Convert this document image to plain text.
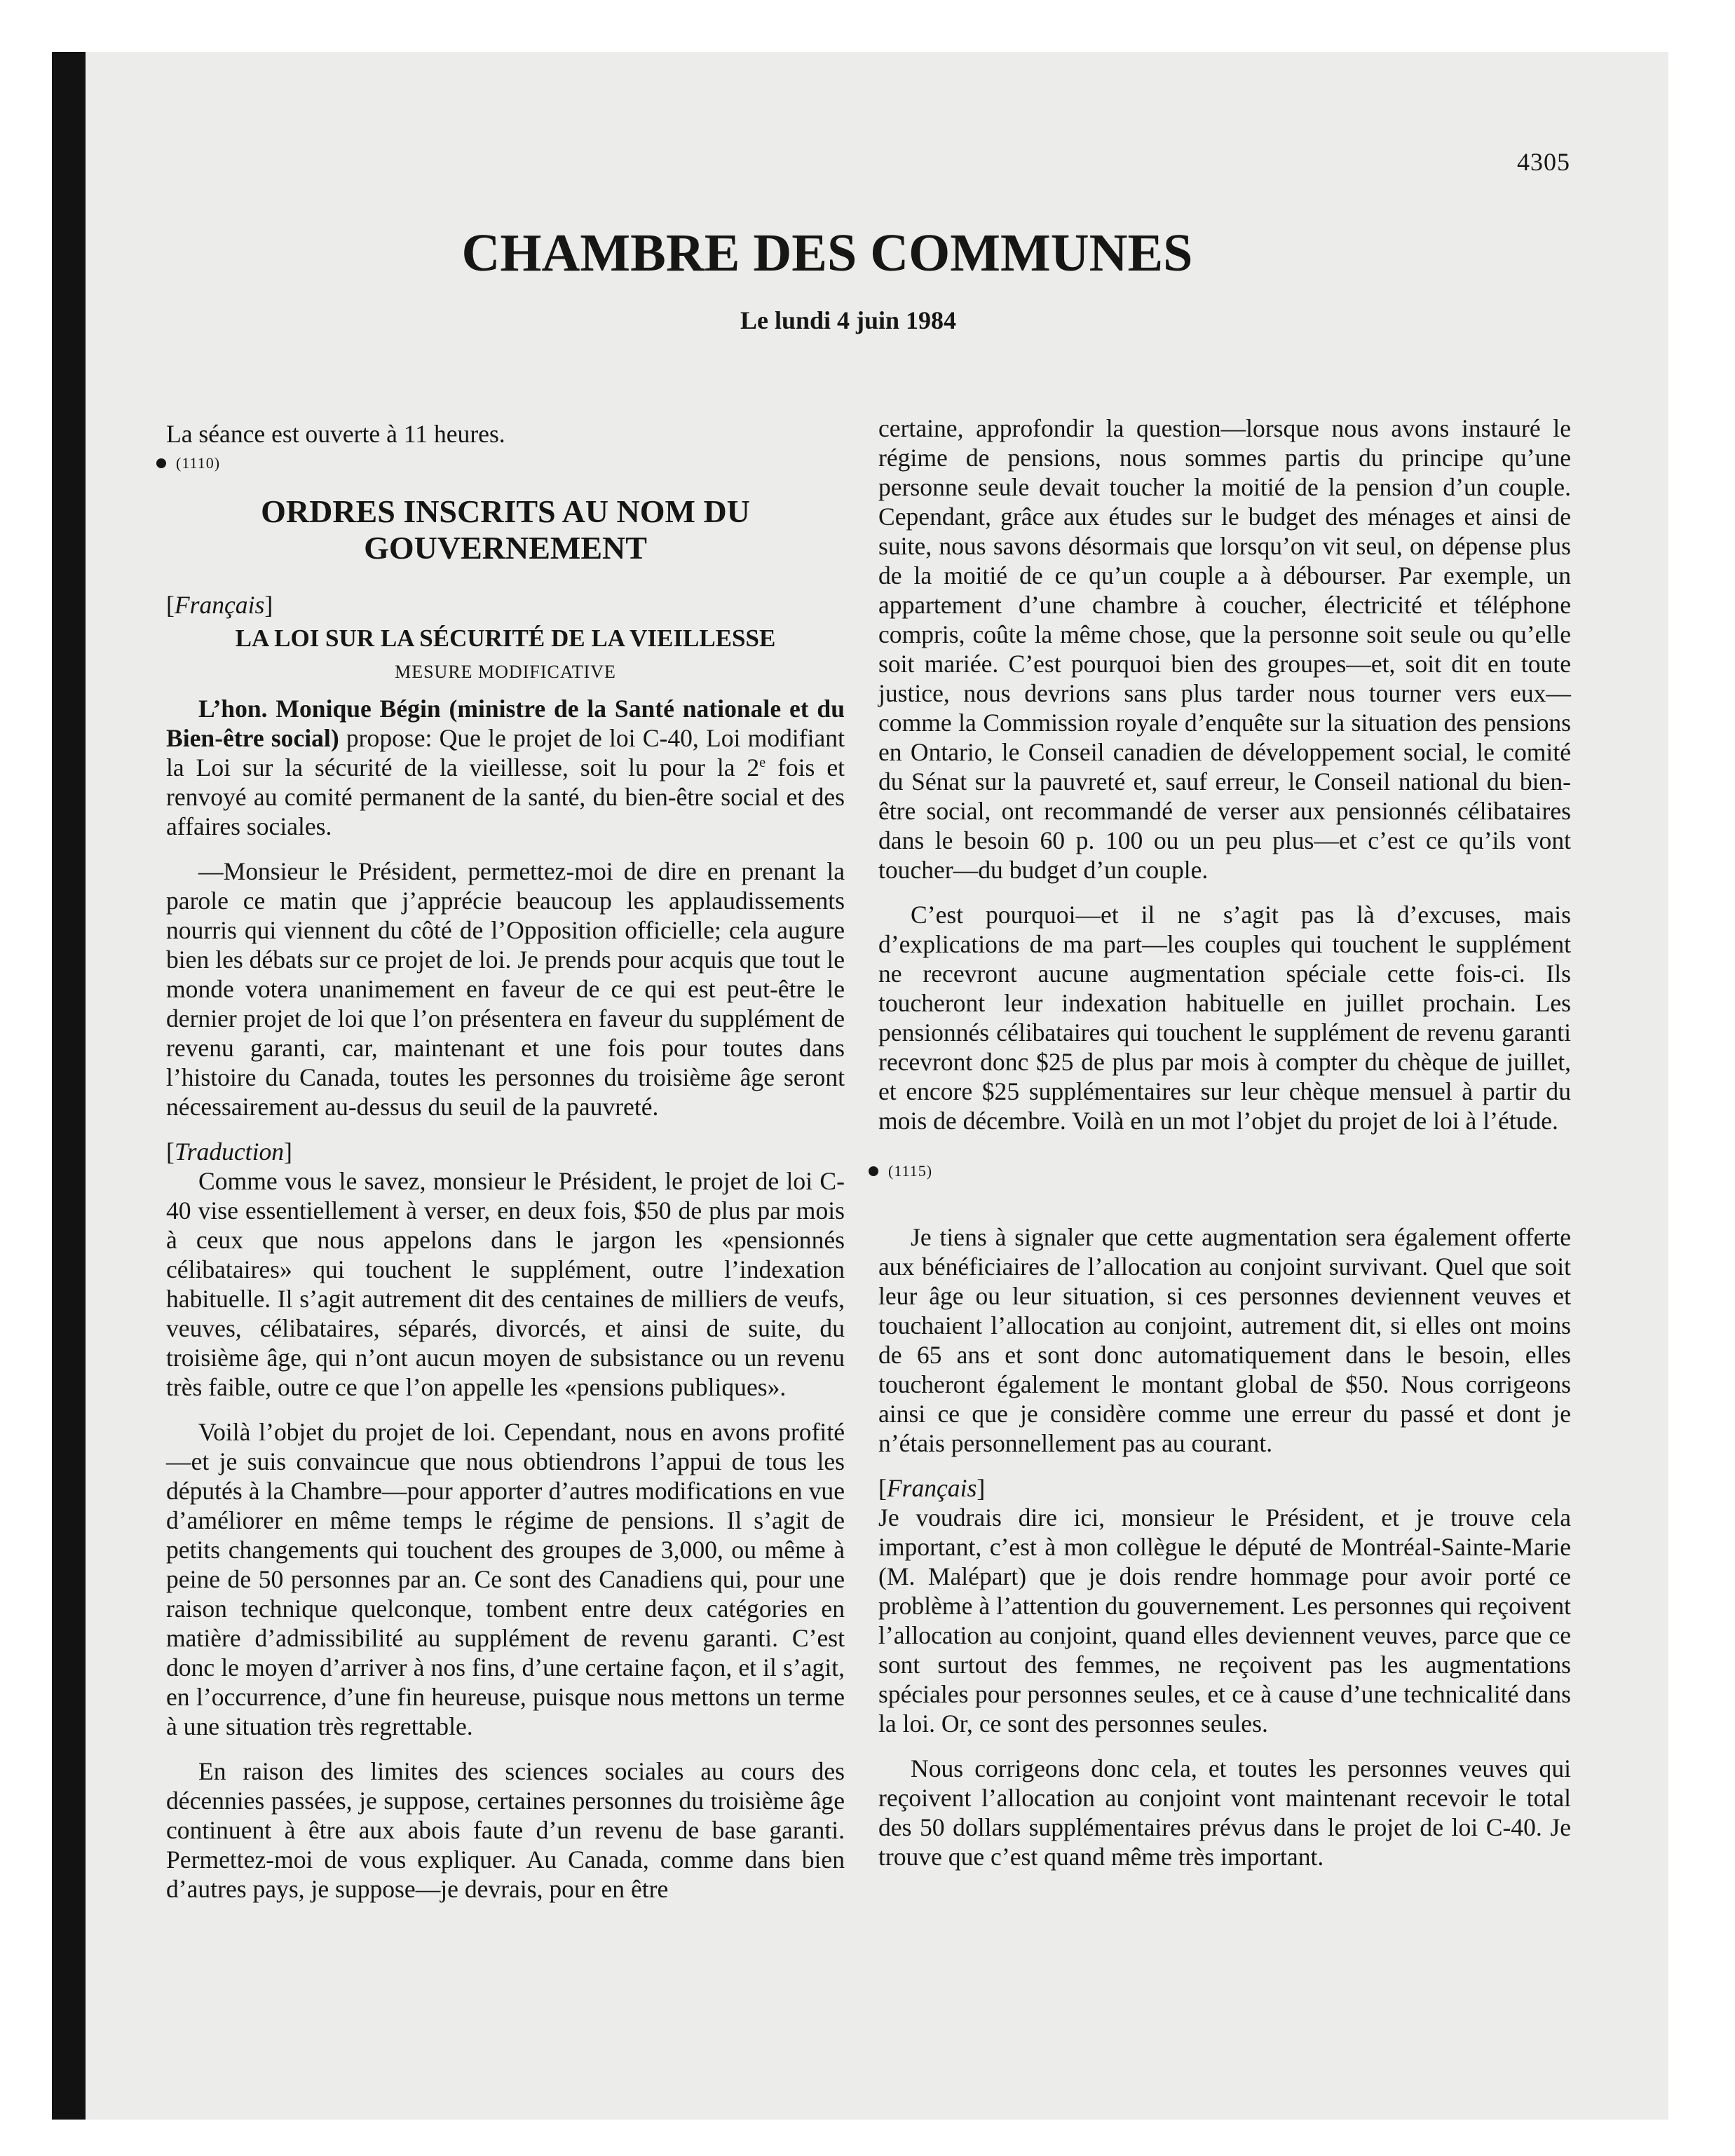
4305
CHAMBRE DES COMMUNES
Le lundi 4 juin 1984

La séance est ouverte à 11 heures.

(1110)
ORDRES INSCRITS AU NOM DU GOUVERNEMENT

[Français]

LA LOI SUR LA SÉCURITÉ DE LA VIEILLESSE
MESURE MODIFICATIVE

L’hon. Monique Bégin (ministre de la Santé nationale et du Bien-être social) propose: Que le projet de loi C-40, Loi modifiant la Loi sur la sécurité de la vieillesse, soit lu pour la 2e fois et renvoyé au comité permanent de la santé, du bien-être social et des affaires sociales.

—Monsieur le Président, permettez-moi de dire en prenant la parole ce matin que j’apprécie beaucoup les applaudissements nourris qui viennent du côté de l’Opposition officielle; cela augure bien les débats sur ce projet de loi. Je prends pour acquis que tout le monde votera unanimement en faveur de ce qui est peut-être le dernier projet de loi que l’on présentera en faveur du supplément de revenu garanti, car, maintenant et une fois pour toutes dans l’histoire du Canada, toutes les personnes du troisième âge seront nécessairement au-dessus du seuil de la pauvreté.

[Traduction]

Comme vous le savez, monsieur le Président, le projet de loi C-40 vise essentiellement à verser, en deux fois, $50 de plus par mois à ceux que nous appelons dans le jargon les «pensionnés célibataires» qui touchent le supplément, outre l’indexation habituelle. Il s’agit autrement dit des centaines de milliers de veufs, veuves, célibataires, séparés, divorcés, et ainsi de suite, du troisième âge, qui n’ont aucun moyen de subsistance ou un revenu très faible, outre ce que l’on appelle les «pensions publiques».

Voilà l’objet du projet de loi. Cependant, nous en avons profité—et je suis convaincue que nous obtiendrons l’appui de tous les députés à la Chambre—pour apporter d’autres modifications en vue d’améliorer en même temps le régime de pensions. Il s’agit de petits changements qui touchent des groupes de 3,000, ou même à peine de 50 personnes par an. Ce sont des Canadiens qui, pour une raison technique quelconque, tombent entre deux catégories en matière d’admissibilité au supplément de revenu garanti. C’est donc le moyen d’arriver à nos fins, d’une certaine façon, et il s’agit, en l’occurrence, d’une fin heureuse, puisque nous mettons un terme à une situation très regrettable.

En raison des limites des sciences sociales au cours des décennies passées, je suppose, certaines personnes du troisième âge continuent à être aux abois faute d’un revenu de base garanti. Permettez-moi de vous expliquer. Au Canada, comme dans bien d’autres pays, je suppose—je devrais, pour en être

certaine, approfondir la question—lorsque nous avons instauré le régime de pensions, nous sommes partis du principe qu’une personne seule devait toucher la moitié de la pension d’un couple. Cependant, grâce aux études sur le budget des ménages et ainsi de suite, nous savons désormais que lorsqu’on vit seul, on dépense plus de la moitié de ce qu’un couple a à débourser. Par exemple, un appartement d’une chambre à coucher, électricité et téléphone compris, coûte la même chose, que la personne soit seule ou qu’elle soit mariée. C’est pourquoi bien des groupes—et, soit dit en toute justice, nous devrions sans plus tarder nous tourner vers eux—comme la Commission royale d’enquête sur la situation des pensions en Ontario, le Conseil canadien de développement social, le comité du Sénat sur la pauvreté et, sauf erreur, le Conseil national du bien-être social, ont recommandé de verser aux pensionnés célibataires dans le besoin 60 p. 100 ou un peu plus—et c’est ce qu’ils vont toucher—du budget d’un couple.

C’est pourquoi—et il ne s’agit pas là d’excuses, mais d’explications de ma part—les couples qui touchent le supplément ne recevront aucune augmentation spéciale cette fois-ci. Ils toucheront leur indexation habituelle en juillet prochain. Les pensionnés célibataires qui touchent le supplément de revenu garanti recevront donc $25 de plus par mois à compter du chèque de juillet, et encore $25 supplémentaires sur leur chèque mensuel à partir du mois de décembre. Voilà en un mot l’objet du projet de loi à l’étude.

(1115)

Je tiens à signaler que cette augmentation sera également offerte aux bénéficiaires de l’allocation au conjoint survivant. Quel que soit leur âge ou leur situation, si ces personnes deviennent veuves et touchaient l’allocation au conjoint, autrement dit, si elles ont moins de 65 ans et sont donc automatiquement dans le besoin, elles toucheront également le montant global de $50. Nous corrigeons ainsi ce que je considère comme une erreur du passé et dont je n’étais personnellement pas au courant.

[Français]

Je voudrais dire ici, monsieur le Président, et je trouve cela important, c’est à mon collègue le député de Montréal-Sainte-Marie (M. Malépart) que je dois rendre hommage pour avoir porté ce problème à l’attention du gouvernement. Les personnes qui reçoivent l’allocation au conjoint, quand elles deviennent veuves, parce que ce sont surtout des femmes, ne reçoivent pas les augmentations spéciales pour personnes seules, et ce à cause d’une technicalité dans la loi. Or, ce sont des personnes seules.

Nous corrigeons donc cela, et toutes les personnes veuves qui reçoivent l’allocation au conjoint vont maintenant recevoir le total des 50 dollars supplémentaires prévus dans le projet de loi C-40. Je trouve que c’est quand même très important.
